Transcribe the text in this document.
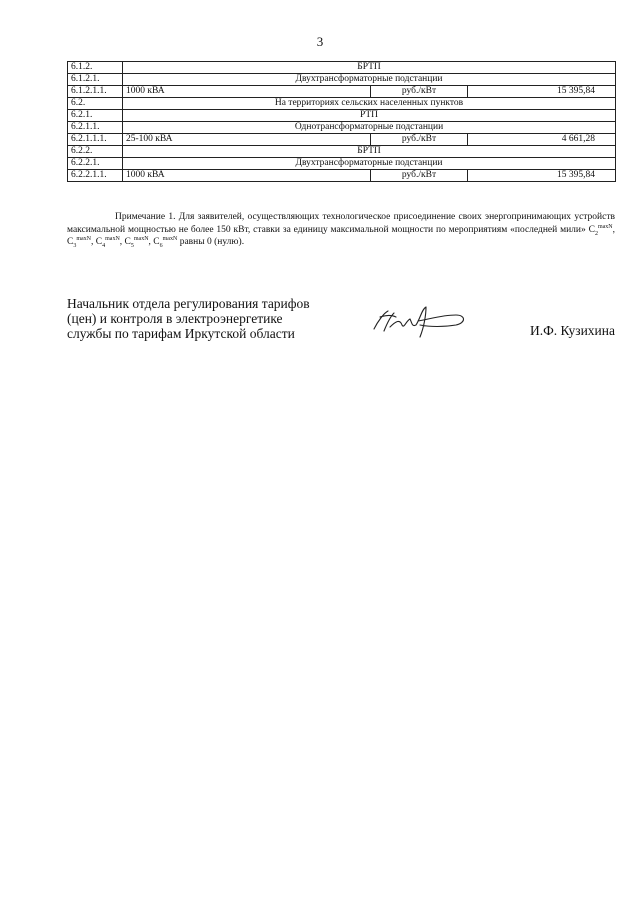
3
6.1.2.	БРТП		
6.1.2.1.	Двухтрансформаторные подстанции		
6.1.2.1.1.	1000 кВА	руб./кВт	15 395,84
6.2.	На территориях сельских населенных пунктов		
6.2.1.	РТП		
6.2.1.1.	Однотрансформаторные подстанции		
6.2.1.1.1.	25-100 кВА	руб./кВт	4 661,28
6.2.2.	БРТП		
6.2.2.1.	Двухтрансформаторные подстанции		
6.2.2.1.1.	1000 кВА	руб./кВт	15 395,84
Примечание 1. Для заявителей, осуществляющих технологическое присоединение своих энергопринимающих устройств максимальной мощностью не более 150 кВт, ставки за единицу максимальной мощности по мероприятиям «последней мили» $C_2^{maxN}$, $C_3^{maxN}$, $C_4^{maxN}$, $C_5^{maxN}$, $C_6^{maxN}$ равны 0 (нулю).
Начальник отдела регулирования тарифов
(цен) и контроля в электроэнергетике
службы по тарифам Иркутской области	И.Ф. Кузихина
